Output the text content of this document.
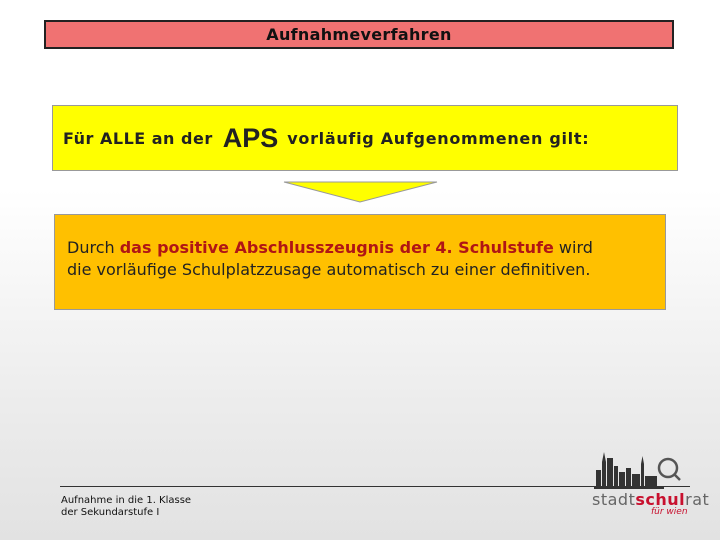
Aufnahmeverfahren
Für ALLE an der APS vorläufig Aufgenommenen gilt:
Durch das positive Abschlusszeugnis der 4. Schulstufe wird
die vorläufige Schulplatzzusage automatisch zu einer definitiven.
Aufnahme in die 1. Klasse
der Sekundarstufe I
stadtschulrat
für wien
